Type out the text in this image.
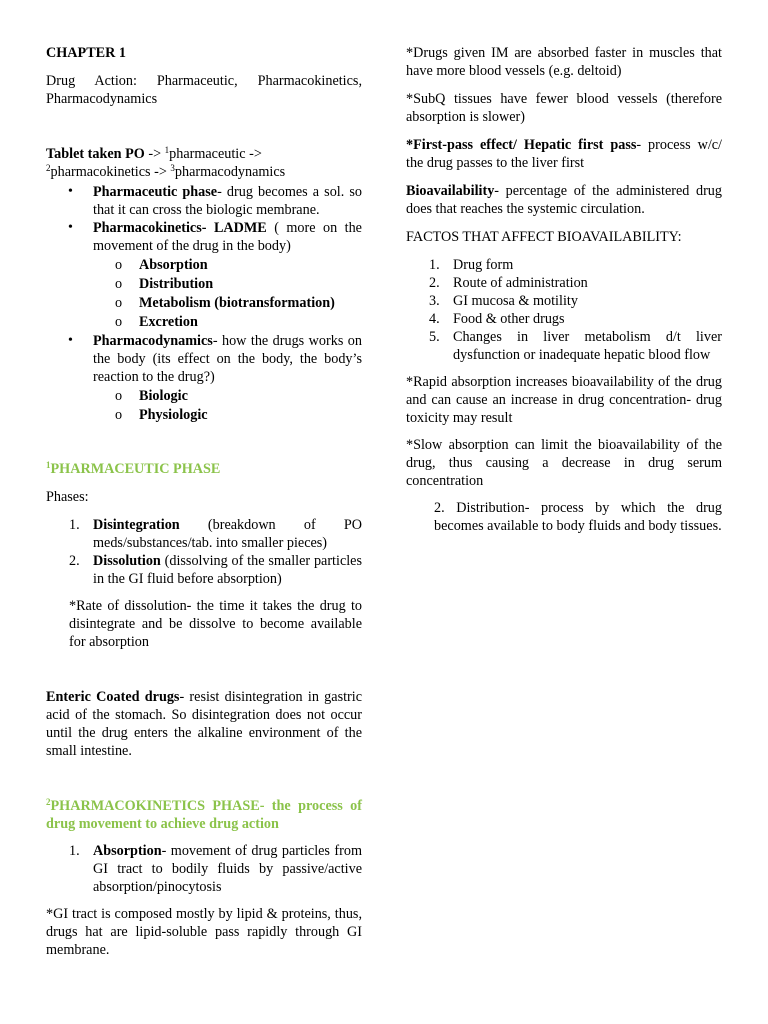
CHAPTER 1

Drug Action: Pharmaceutic, Pharmacokinetics, Pharmacodynamics

Tablet taken PO -> $^1$pharmaceutic ->
$^2$pharmacokinetics -> $^3$pharmacodynamics

• Pharmaceutic phase- drug becomes a sol. so that it can cross the biologic membrane.
• Pharmacokinetics- LADME ( more on the movement of the drug in the body)
o Absorption
o Distribution
o Metabolism (biotransformation)
o Excretion
• Pharmacodynamics- how the drugs works on the body (its effect on the body, the body’s reaction to the drug?)
o Biologic
o Physiologic

$^1$PHARMACEUTIC PHASE

Phases:

1. Disintegration (breakdown of PO meds/substances/tab. into smaller pieces)
2. Dissolution (dissolving of the smaller particles in the GI fluid before absorption)

*Rate of dissolution- the time it takes the drug to disintegrate and be dissolve to become available for absorption

Enteric Coated drugs- resist disintegration in gastric acid of the stomach. So disintegration does not occur until the drug enters the alkaline environment of the small intestine.

$^2$PHARMACOKINETICS PHASE- the process of drug movement to achieve drug action

1. Absorption- movement of drug particles from GI tract to bodily fluids by passive/active absorption/pinocytosis

*GI tract is composed mostly by lipid & proteins, thus, drugs hat are lipid-soluble pass rapidly through GI membrane.

*Drugs given IM are absorbed faster in muscles that have more blood vessels (e.g. deltoid)

*SubQ tissues have fewer blood vessels (therefore absorption is slower)

*First-pass effect/ Hepatic first pass- process w/c/ the drug passes to the liver first

Bioavailability- percentage of the administered drug does that reaches the systemic circulation.

FACTOS THAT AFFECT BIOAVAILABILITY:

1. Drug form
2. Route of administration
3. GI mucosa & motility
4. Food & other drugs
5. Changes in liver metabolism d/t liver dysfunction or inadequate hepatic blood flow

*Rapid absorption increases bioavailability of the drug and can cause an increase in drug concentration- drug toxicity may result

*Slow absorption can limit the bioavailability of the drug, thus causing a decrease in drug serum concentration

2. Distribution- process by which the drug becomes available to body fluids and body tissues.
